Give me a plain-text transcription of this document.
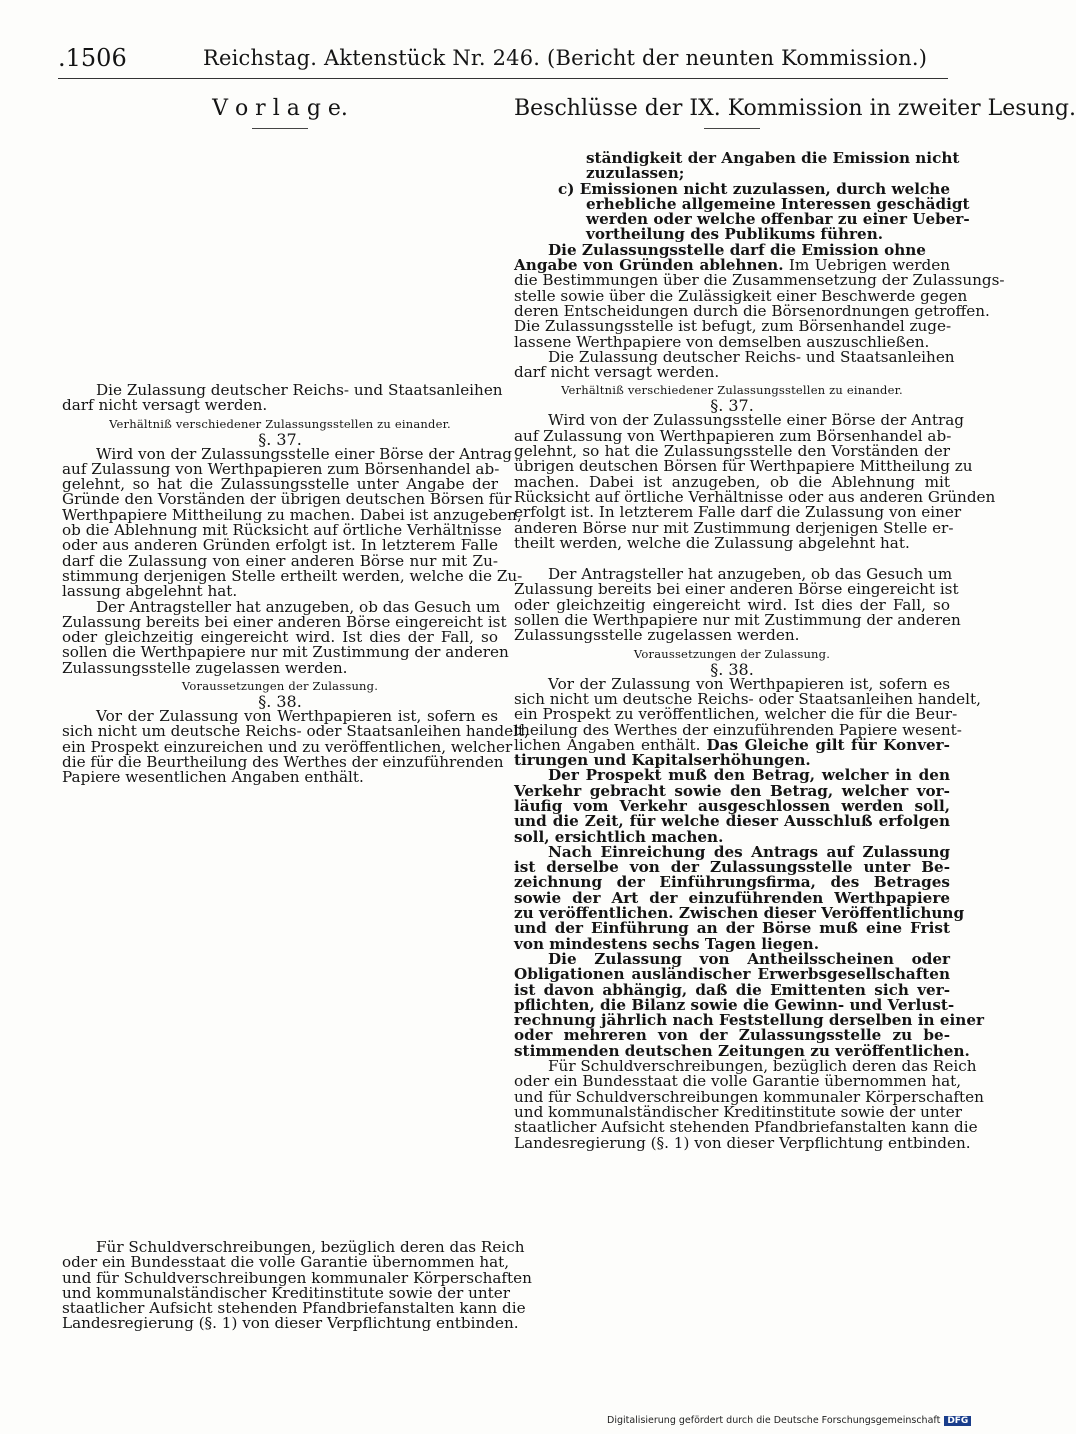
.1506	Reichstag. Aktenstück Nr. 246. (Bericht der neunten Kommission.)
V o r l a g e.
Die Zulassung deutscher Reichs- und Staatsanleihen
darf nicht versagt werden.
Verhältniß verschiedener Zulassungsstellen zu einander.
§. 37.
Wird von der Zulassungsstelle einer Börse der Antrag
auf Zulassung von Werthpapieren zum Börsenhandel ab-
gelehnt, so hat die Zulassungsstelle unter Angabe der
Gründe den Vorständen der übrigen deutschen Börsen für
Werthpapiere Mittheilung zu machen. Dabei ist anzugeben,
ob die Ablehnung mit Rücksicht auf örtliche Verhältnisse
oder aus anderen Gründen erfolgt ist. In letzterem Falle
darf die Zulassung von einer anderen Börse nur mit Zu-
stimmung derjenigen Stelle ertheilt werden, welche die Zu-
lassung abgelehnt hat.
Der Antragsteller hat anzugeben, ob das Gesuch um
Zulassung bereits bei einer anderen Börse eingereicht ist
oder gleichzeitig eingereicht wird. Ist dies der Fall, so
sollen die Werthpapiere nur mit Zustimmung der anderen
Zulassungsstelle zugelassen werden.
Voraussetzungen der Zulassung.
§. 38.
Vor der Zulassung von Werthpapieren ist, sofern es
sich nicht um deutsche Reichs- oder Staatsanleihen handelt,
ein Prospekt einzureichen und zu veröffentlichen, welcher
die für die Beurtheilung des Werthes der einzuführenden
Papiere wesentlichen Angaben enthält.
Für Schuldverschreibungen, bezüglich deren das Reich
oder ein Bundesstaat die volle Garantie übernommen hat,
und für Schuldverschreibungen kommunaler Körperschaften
und kommunalständischer Kreditinstitute sowie der unter
staatlicher Aufsicht stehenden Pfandbriefanstalten kann die
Landesregierung (§. 1) von dieser Verpflichtung entbinden.
Beschlüsse der IX. Kommission in zweiter Lesung.
ständigkeit der Angaben die Emission nicht
zuzulassen;
c) Emissionen nicht zuzulassen, durch welche
erhebliche allgemeine Interessen geschädigt
werden oder welche offenbar zu einer Ueber-
vortheilung des Publikums führen.
Die Zulassungsstelle darf die Emission ohne
Angabe von Gründen ablehnen. Im Uebrigen werden
die Bestimmungen über die Zusammensetzung der Zulassungs-
stelle sowie über die Zulässigkeit einer Beschwerde gegen
deren Entscheidungen durch die Börsenordnungen getroffen.
Die Zulassungsstelle ist befugt, zum Börsenhandel zuge-
lassene Werthpapiere von demselben auszuschließen.
Die Zulassung deutscher Reichs- und Staatsanleihen
darf nicht versagt werden.
Verhältniß verschiedener Zulassungsstellen zu einander.
§. 37.
Wird von der Zulassungsstelle einer Börse der Antrag
auf Zulassung von Werthpapieren zum Börsenhandel ab-
gelehnt, so hat die Zulassungsstelle den Vorständen der
übrigen deutschen Börsen für Werthpapiere Mittheilung zu
machen. Dabei ist anzugeben, ob die Ablehnung mit
Rücksicht auf örtliche Verhältnisse oder aus anderen Gründen
erfolgt ist. In letzterem Falle darf die Zulassung von einer
anderen Börse nur mit Zustimmung derjenigen Stelle er-
theilt werden, welche die Zulassung abgelehnt hat.
Der Antragsteller hat anzugeben, ob das Gesuch um
Zulassung bereits bei einer anderen Börse eingereicht ist
oder gleichzeitig eingereicht wird. Ist dies der Fall, so
sollen die Werthpapiere nur mit Zustimmung der anderen
Zulassungsstelle zugelassen werden.
Voraussetzungen der Zulassung.
§. 38.
Vor der Zulassung von Werthpapieren ist, sofern es
sich nicht um deutsche Reichs- oder Staatsanleihen handelt,
ein Prospekt zu veröffentlichen, welcher die für die Beur-
theilung des Werthes der einzuführenden Papiere wesent-
lichen Angaben enthält. Das Gleiche gilt für Konver-
tirungen und Kapitalserhöhungen.
Der Prospekt muß den Betrag, welcher in den
Verkehr gebracht sowie den Betrag, welcher vor-
läufig vom Verkehr ausgeschlossen werden soll,
und die Zeit, für welche dieser Ausschluß erfolgen
soll, ersichtlich machen.
Nach Einreichung des Antrags auf Zulassung
ist derselbe von der Zulassungsstelle unter Be-
zeichnung der Einführungsfirma, des Betrages
sowie der Art der einzuführenden Werthpapiere
zu veröffentlichen. Zwischen dieser Veröffentlichung
und der Einführung an der Börse muß eine Frist
von mindestens sechs Tagen liegen.
Die Zulassung von Antheilsscheinen oder
Obligationen ausländischer Erwerbsgesellschaften
ist davon abhängig, daß die Emittenten sich ver-
pflichten, die Bilanz sowie die Gewinn- und Verlust-
rechnung jährlich nach Feststellung derselben in einer
oder mehreren von der Zulassungsstelle zu be-
stimmenden deutschen Zeitungen zu veröffentlichen.
Für Schuldverschreibungen, bezüglich deren das Reich
oder ein Bundesstaat die volle Garantie übernommen hat,
und für Schuldverschreibungen kommunaler Körperschaften
und kommunalständischer Kreditinstitute sowie der unter
staatlicher Aufsicht stehenden Pfandbriefanstalten kann die
Landesregierung (§. 1) von dieser Verpflichtung entbinden.
Digitalisierung gefördert durch die Deutsche Forschungsgemeinschaft DFG
